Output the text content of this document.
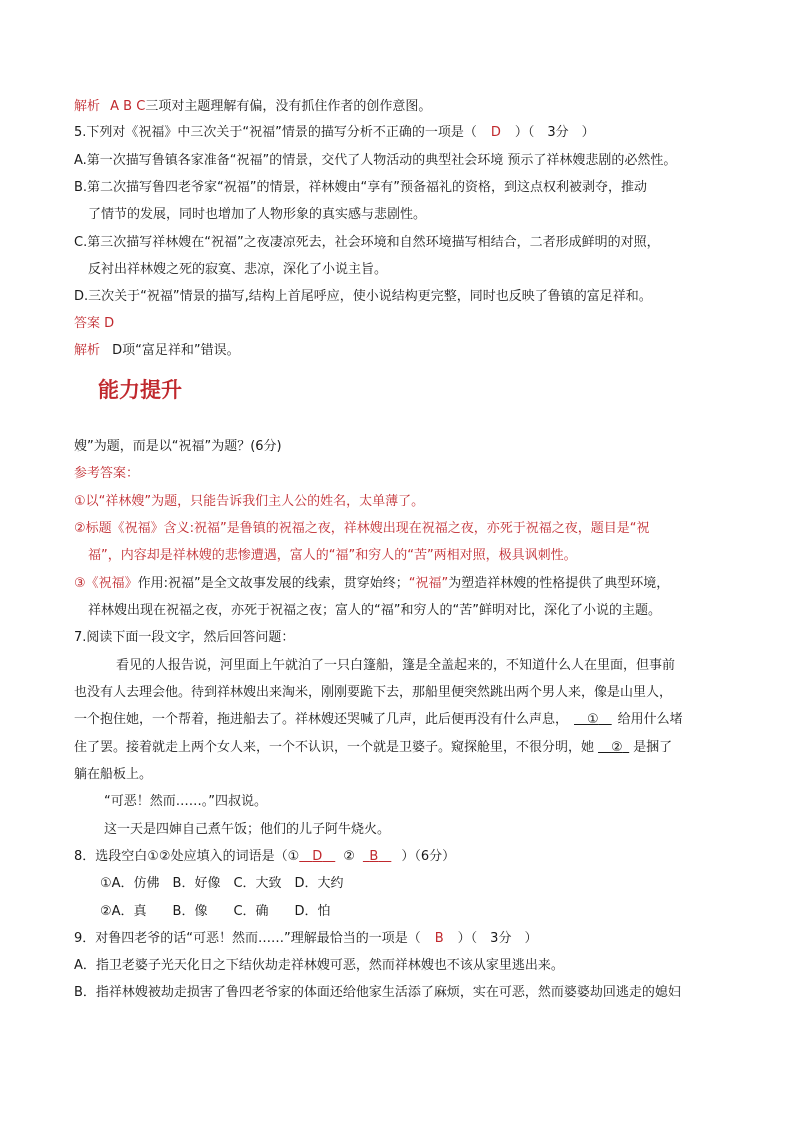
解析 A B C三项对主题理解有偏，没有抓住作者的创作意图。
5.下列对《祝福》中三次关于“祝福”情景的描写分析不正确的一项是（ D ）（　3分　）
A.第一次描写鲁镇各家准备“祝福”的情景，交代了人物活动的典型社会环境 预示了祥林嫂悲剧的必然性。
B.第二次描写鲁四老爷家“祝福”的情景，祥林嫂由“享有”预备福礼的资格，到这点权利被剥夺，推动
了情节的发展，同时也增加了人物形象的真实感与悲剧性。
C.第三次描写祥林嫂在“祝福”之夜凄凉死去，社会环境和自然环境描写相结合，二者形成鲜明的对照，
反衬出祥林嫂之死的寂寞、悲凉，深化了小说主旨。
D.三次关于“祝福”情景的描写,结构上首尾呼应，使小说结构更完整，同时也反映了鲁镇的富足祥和。
答案 D
解析 D项“富足祥和”错误。
能力提升
嫂”为题，而是以“祝福”为题？(6分)
参考答案：
①以“祥林嫂”为题，只能告诉我们主人公的姓名，太单薄了。
②标题《祝福》含义:祝福”是鲁镇的祝福之夜，祥林嫂出现在祝福之夜，亦死于祝福之夜，题目是“祝
福”，内容却是祥林嫂的悲惨遭遇，富人的“福”和穷人的“苦”两相对照，极具讽刺性。
③《祝福》作用:祝福”是全文故事发展的线索，贯穿始终；“祝福”为塑造祥林嫂的性格提供了典型环境，
祥林嫂出现在祝福之夜，亦死于祝福之夜；富人的“福”和穷人的“苦”鲜明对比，深化了小说的主题。
7.阅读下面一段文字，然后回答问题：
看见的人报告说，河里面上午就泊了一只白篷船，篷是全盖起来的，不知道什么人在里面，但事前
也没有人去理会他。待到祥林嫂出来淘米，刚刚要跪下去，那船里便突然跳出两个男人来，像是山里人，
一个抱住她，一个帮着，拖进船去了。祥林嫂还哭喊了几声，此后便再没有什么声息，  ①  给用什么堵
住了罢。接着就走上两个女人来，一个不认识，一个就是卫婆子。窥探舱里，不很分明，她  ②  是捆了
躺在船板上。
“可恶！然而……。”四叔说。
这一天是四婶自己煮午饭；他们的儿子阿牛烧火。
8．选段空白①②处应填入的词语是（①   D   ②  B   ）（6分）
①A．仿佛　B．好像　C．大致　D．大约
②A．真　　B．像　　C．确　　D．怕
9．对鲁四老爷的话“可恶！然而……”理解最恰当的一项是（ B ）（　3分　）
A．指卫老婆子光天化日之下结伙劫走祥林嫂可恶，然而祥林嫂也不该从家里逃出来。
B．指祥林嫂被劫走损害了鲁四老爷家的体面还给他家生活添了麻烦，实在可恶，然而婆婆劫回逃走的媳妇
